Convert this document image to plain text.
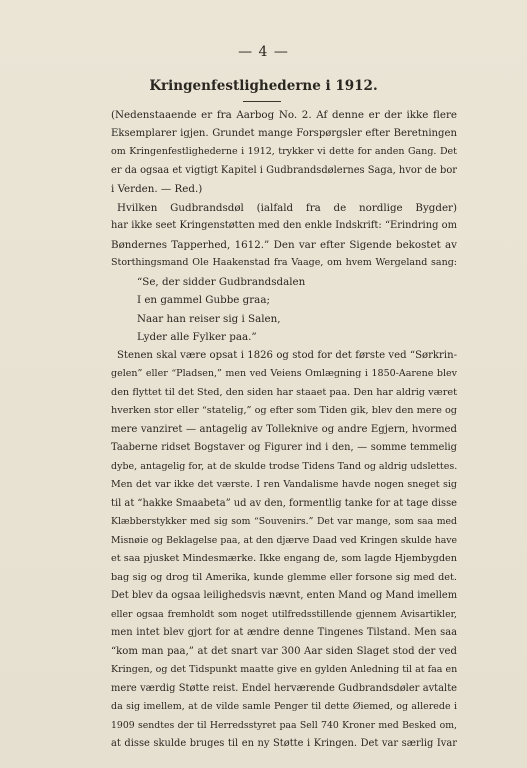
— 4 —
Kringenfestlighederne i 1912.
(Nedenstaaende er fra Aarbog No. 2. Af denne er der ikke flere
Eksemplarer igjen. Grundet mange Forspørgsler efter Beretningen
om Kringenfestlighederne i 1912, trykker vi dette for anden Gang. Det
er da ogsaa et vigtigt Kapitel i Gudbrandsdølernes Saga, hvor de bor
i Verden. — Red.)
Hvilken Gudbrandsdøl (ialfald fra de nordlige Bygder)
har ikke seet Kringenstøtten med den enkle Indskrift: “Erindring om
Bøndernes Tapperhed, 1612.” Den var efter Sigende bekostet av
Storthingsmand Ole Haakenstad fra Vaage, om hvem Wergeland sang:
“Se, der sidder Gudbrandsdalen
I en gammel Gubbe graa;
Naar han reiser sig i Salen,
Lyder alle Fylker paa.”
Stenen skal være opsat i 1826 og stod for det første ved “Sørkrin-
gelen” eller “Pladsen,” men ved Veiens Omlægning i 1850-Aarene blev
den flyttet til det Sted, den siden har staaet paa. Den har aldrig været
hverken stor eller “statelig,” og efter som Tiden gik, blev den mere og
mere vanziret — antagelig av Tolleknive og andre Egjern, hvormed
Taaberne ridset Bogstaver og Figurer ind i den, — somme temmelig
dybe, antagelig for, at de skulde trodse Tidens Tand og aldrig udslettes.
Men det var ikke det værste. I ren Vandalisme havde nogen sneget sig
til at “hakke Smaabeta” ud av den, formentlig tanke for at tage disse
Klæbberstykker med sig som “Souvenirs.” Det var mange, som saa med
Misnøie og Beklagelse paa, at den djærve Daad ved Kringen skulde have
et saa pjusket Mindesmærke. Ikke engang de, som lagde Hjembygden
bag sig og drog til Amerika, kunde glemme eller forsone sig med det.
Det blev da ogsaa leilighedsvis nævnt, enten Mand og Mand imellem
eller ogsaa fremholdt som noget utilfredsstillende gjennem Avisartikler,
men intet blev gjort for at ændre denne Tingenes Tilstand. Men saa
“kom man paa,” at det snart var 300 Aar siden Slaget stod der ved
Kringen, og det Tidspunkt maatte give en gylden Anledning til at faa en
mere værdig Støtte reist. Endel herværende Gudbrandsdøler avtalte
da sig imellem, at de vilde samle Penger til dette Øiemed, og allerede i
1909 sendtes der til Herredsstyret paa Sell 740 Kroner med Besked om,
at disse skulde bruges til en ny Støtte i Kringen. Det var særlig Ivar
